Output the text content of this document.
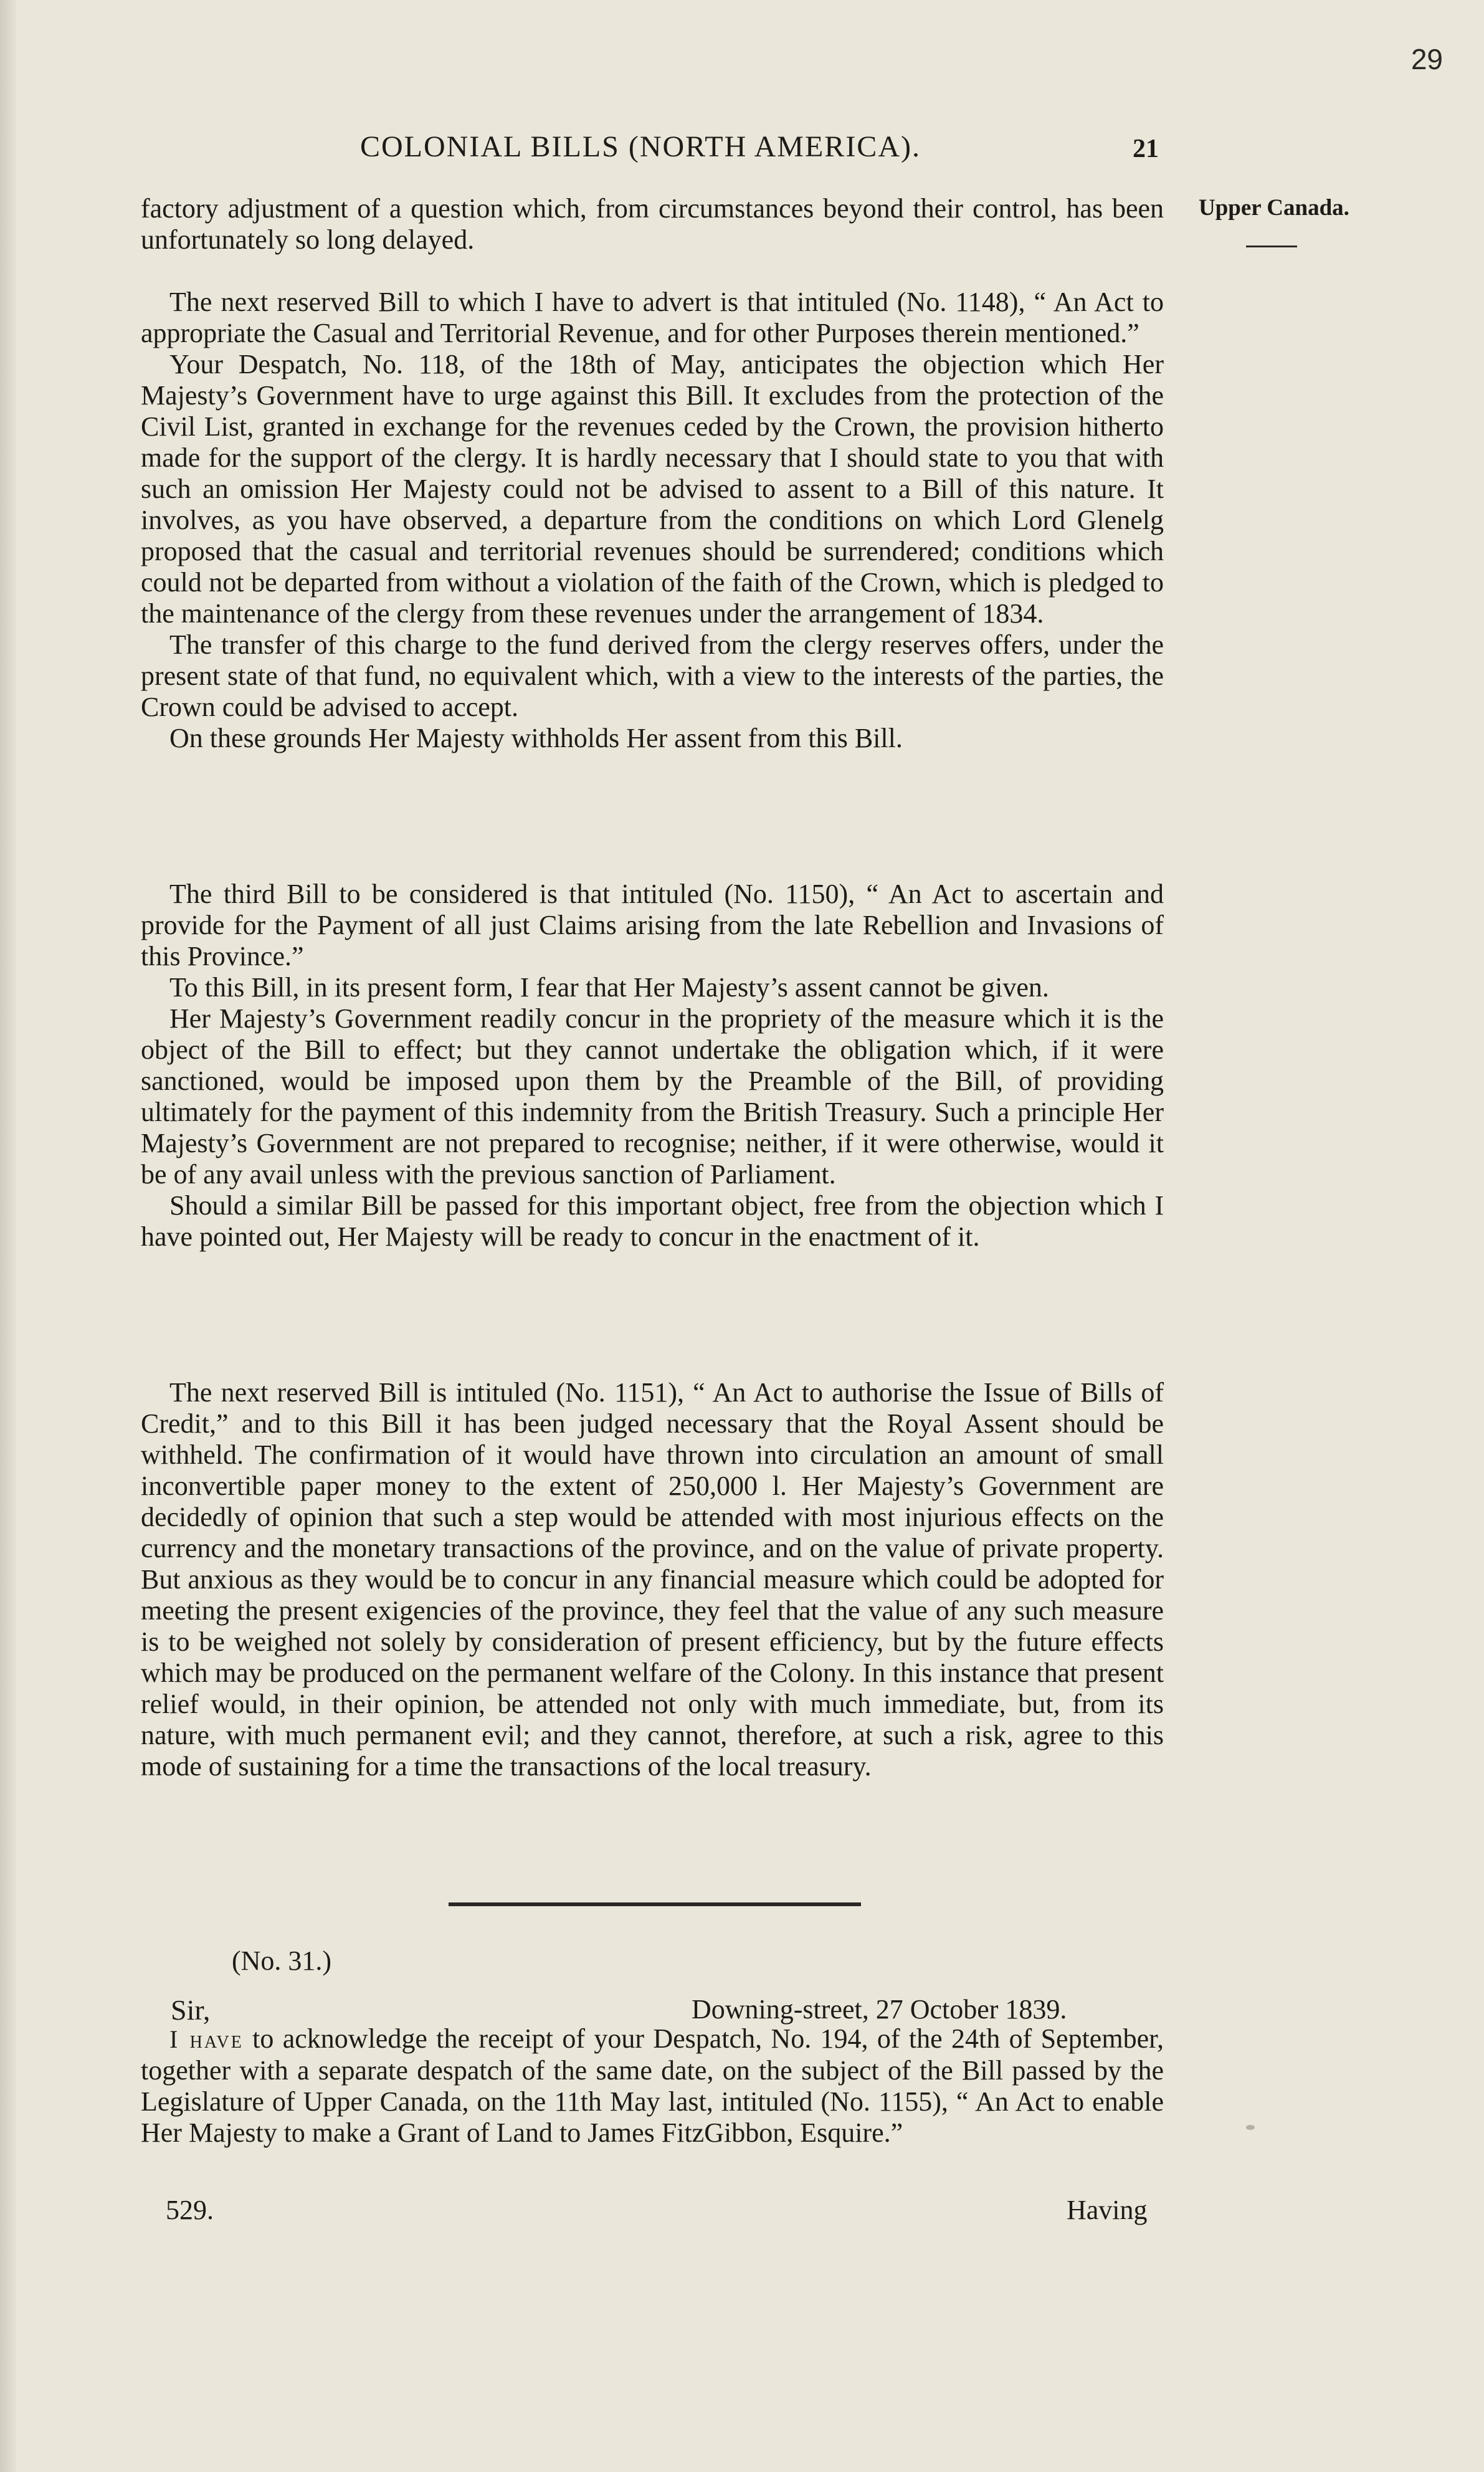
29
COLONIAL BILLS (NORTH AMERICA).	21
Upper Canada.

factory adjustment of a question which, from circumstances beyond their control, has been unfortunately so long delayed.

The next reserved Bill to which I have to advert is that intituled (No. 1148), “ An Act to appropriate the Casual and Territorial Revenue, and for other Purposes therein mentioned.”

Your Despatch, No. 118, of the 18th of May, anticipates the objection which Her Majesty’s Government have to urge against this Bill. It excludes from the protection of the Civil List, granted in exchange for the revenues ceded by the Crown, the provision hitherto made for the support of the clergy. It is hardly necessary that I should state to you that with such an omission Her Majesty could not be advised to assent to a Bill of this nature. It involves, as you have observed, a departure from the conditions on which Lord Glenelg proposed that the casual and territorial revenues should be surrendered; conditions which could not be departed from without a violation of the faith of the Crown, which is pledged to the maintenance of the clergy from these revenues under the arrangement of 1834.

The transfer of this charge to the fund derived from the clergy reserves offers, under the present state of that fund, no equivalent which, with a view to the interests of the parties, the Crown could be advised to accept.

On these grounds Her Majesty withholds Her assent from this Bill.

The third Bill to be considered is that intituled (No. 1150), “ An Act to ascertain and provide for the Payment of all just Claims arising from the late Rebellion and Invasions of this Province.”

To this Bill, in its present form, I fear that Her Majesty’s assent cannot be given.

Her Majesty’s Government readily concur in the propriety of the measure which it is the object of the Bill to effect; but they cannot undertake the obligation which, if it were sanctioned, would be imposed upon them by the Preamble of the Bill, of providing ultimately for the payment of this indemnity from the British Treasury. Such a principle Her Majesty’s Government are not prepared to recognise; neither, if it were otherwise, would it be of any avail unless with the previous sanction of Parliament.

Should a similar Bill be passed for this important object, free from the objection which I have pointed out, Her Majesty will be ready to concur in the enactment of it.

The next reserved Bill is intituled (No. 1151), “ An Act to authorise the Issue of Bills of Credit,” and to this Bill it has been judged necessary that the Royal Assent should be withheld. The confirmation of it would have thrown into circulation an amount of small inconvertible paper money to the extent of 250,000 l. Her Majesty’s Government are decidedly of opinion that such a step would be attended with most injurious effects on the currency and the monetary transactions of the province, and on the value of private property. But anxious as they would be to concur in any financial measure which could be adopted for meeting the present exigencies of the province, they feel that the value of any such measure is to be weighed not solely by consideration of present efficiency, but by the future effects which may be produced on the permanent welfare of the Colony. In this instance that present relief would, in their opinion, be attended not only with much immediate, but, from its nature, with much permanent evil; and they cannot, therefore, at such a risk, agree to this mode of sustaining for a time the transactions of the local treasury.

(No. 31.)
Sir,	Downing-street, 27 October 1839.

I have to acknowledge the receipt of your Despatch, No. 194, of the 24th of September, together with a separate despatch of the same date, on the subject of the Bill passed by the Legislature of Upper Canada, on the 11th May last, intituled (No. 1155), “ An Act to enable Her Majesty to make a Grant of Land to James FitzGibbon, Esquire.”

529.	Having
